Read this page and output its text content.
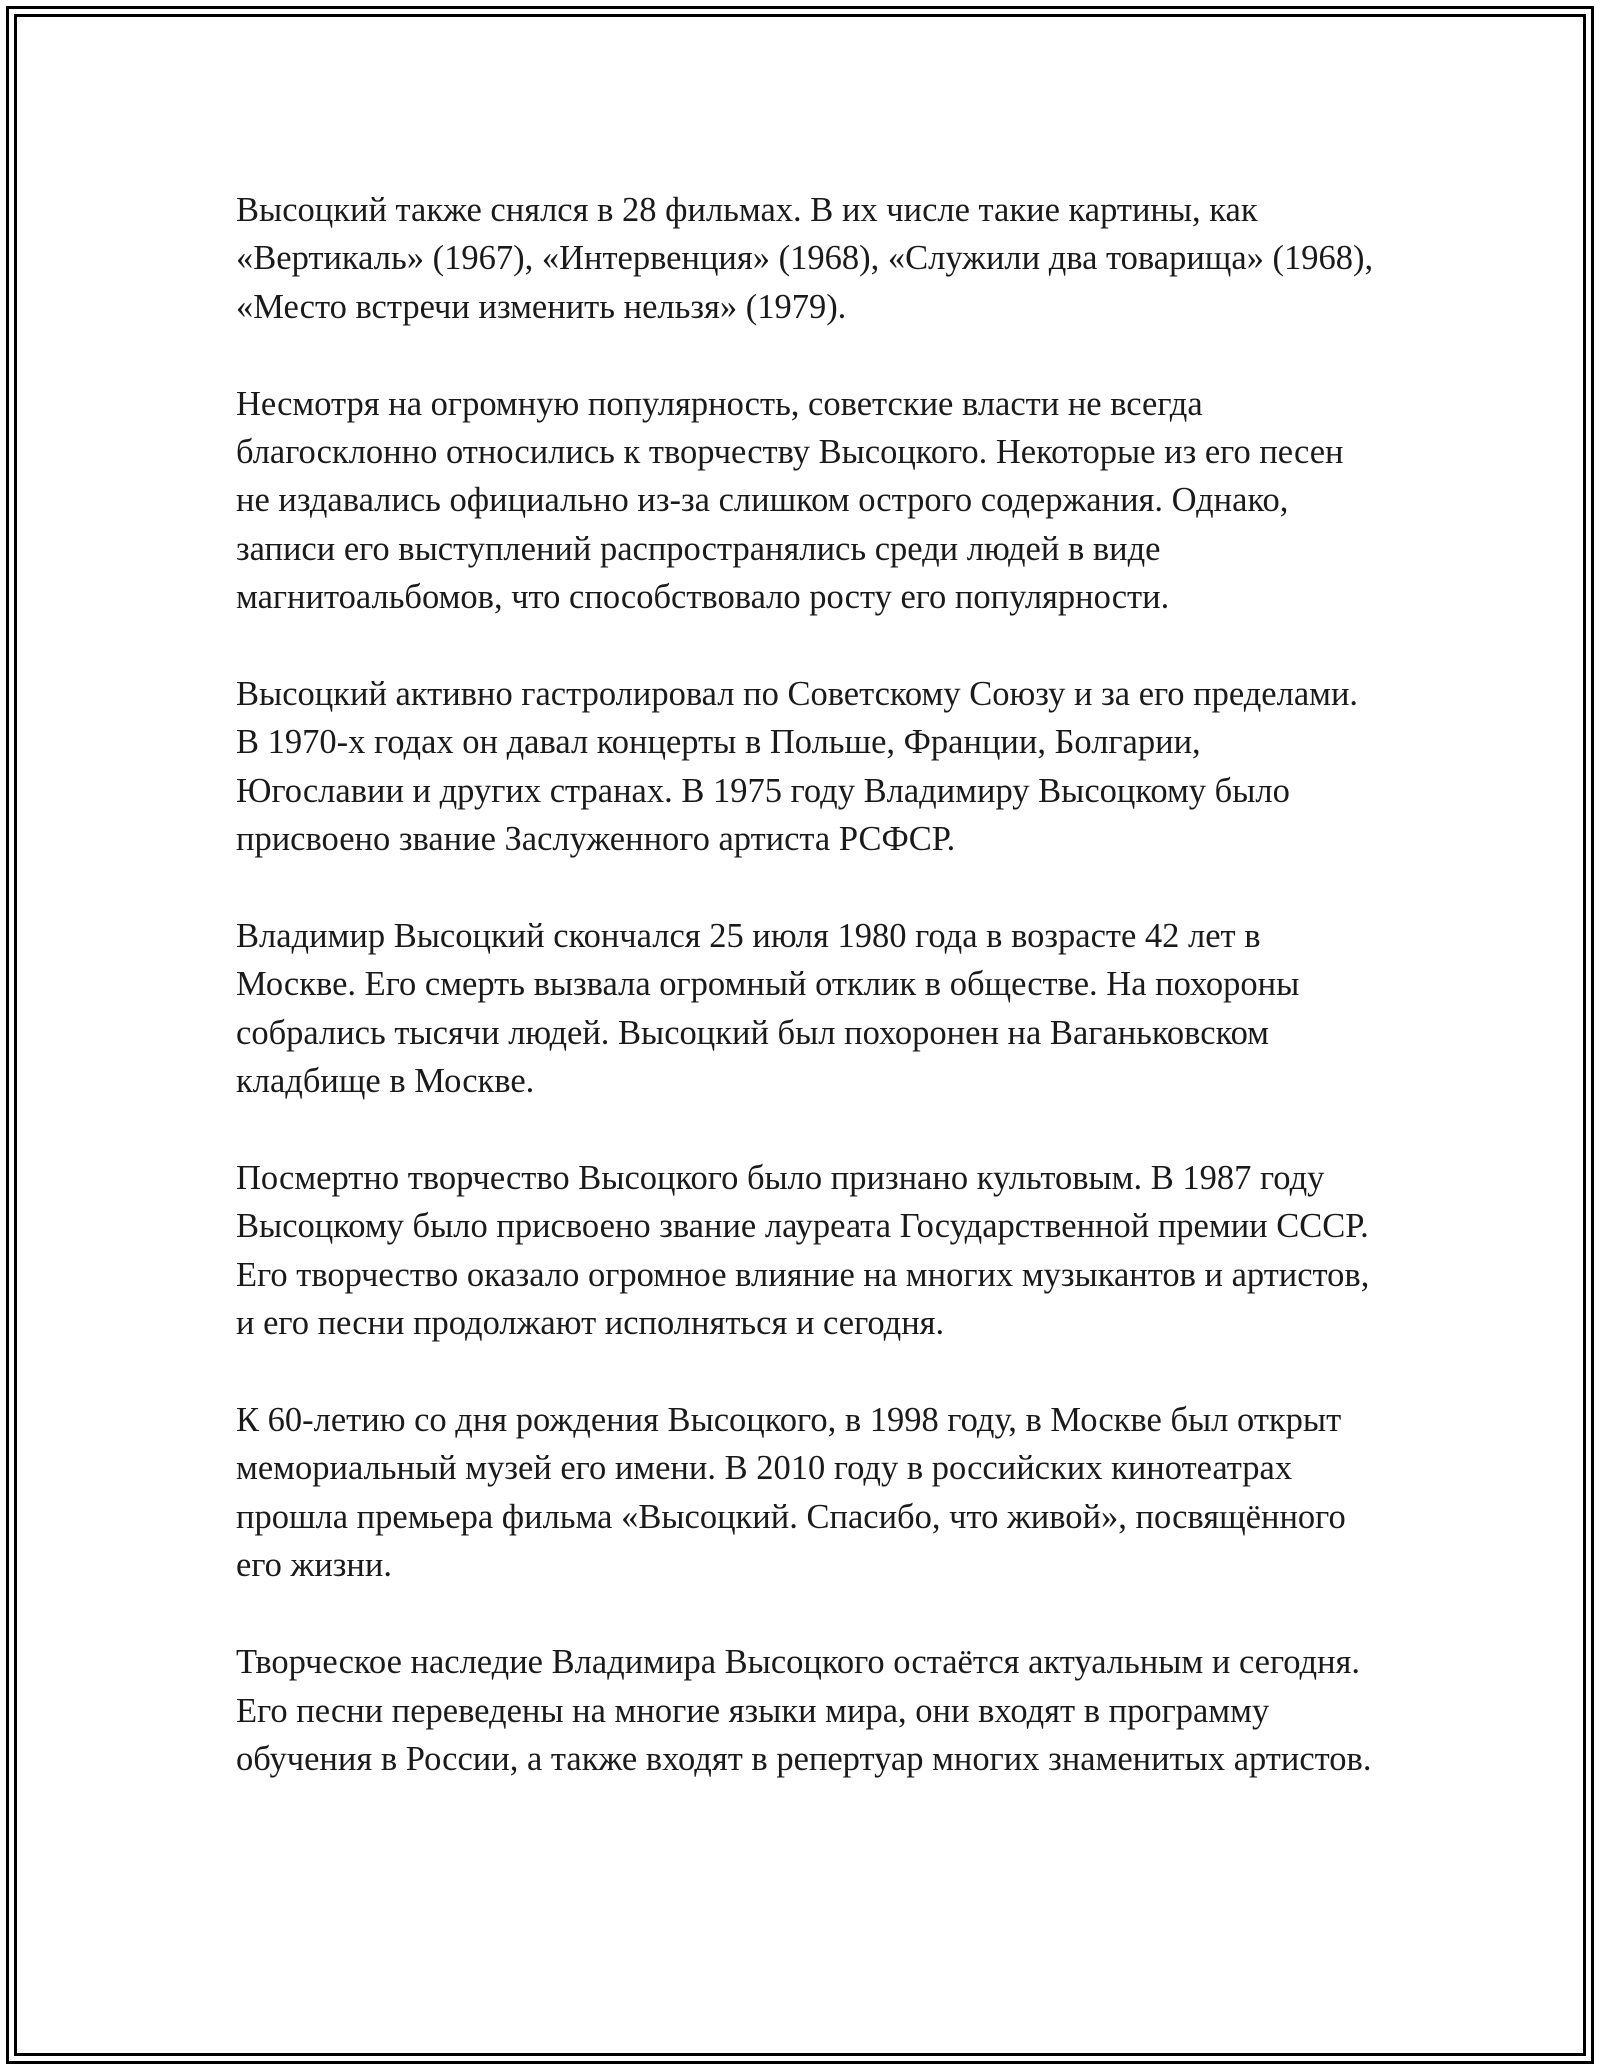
Высоцкий также снялся в 28 фильмах. В их числе такие картины, как «Вертикаль» (1967), «Интервенция» (1968), «Служили два товарища» (1968), «Место встречи изменить нельзя» (1979).

Несмотря на огромную популярность, советские власти не всегда благосклонно относились к творчеству Высоцкого. Некоторые из его песен не издавались официально из-за слишком острого содержания. Однако, записи его выступлений распространялись среди людей в виде магнитоальбомов, что способствовало росту его популярности.

Высоцкий активно гастролировал по Советскому Союзу и за его пределами. В 1970-х годах он давал концерты в Польше, Франции, Болгарии, Югославии и других странах. В 1975 году Владимиру Высоцкому было присвоено звание Заслуженного артиста РСФСР.

Владимир Высоцкий скончался 25 июля 1980 года в возрасте 42 лет в Москве. Его смерть вызвала огромный отклик в обществе. На похороны собрались тысячи людей. Высоцкий был похоронен на Ваганьковском кладбище в Москве.

Посмертно творчество Высоцкого было признано культовым. В 1987 году Высоцкому было присвоено звание лауреата Государственной премии СССР. Его творчество оказало огромное влияние на многих музыкантов и артистов, и его песни продолжают исполняться и сегодня.

К 60-летию со дня рождения Высоцкого, в 1998 году, в Москве был открыт мемориальный музей его имени. В 2010 году в российских кинотеатрах прошла премьера фильма «Высоцкий. Спасибо, что живой», посвящённого его жизни.

Творческое наследие Владимира Высоцкого остаётся актуальным и сегодня. Его песни переведены на многие языки мира, они входят в программу обучения в России, а также входят в репертуар многих знаменитых артистов.
